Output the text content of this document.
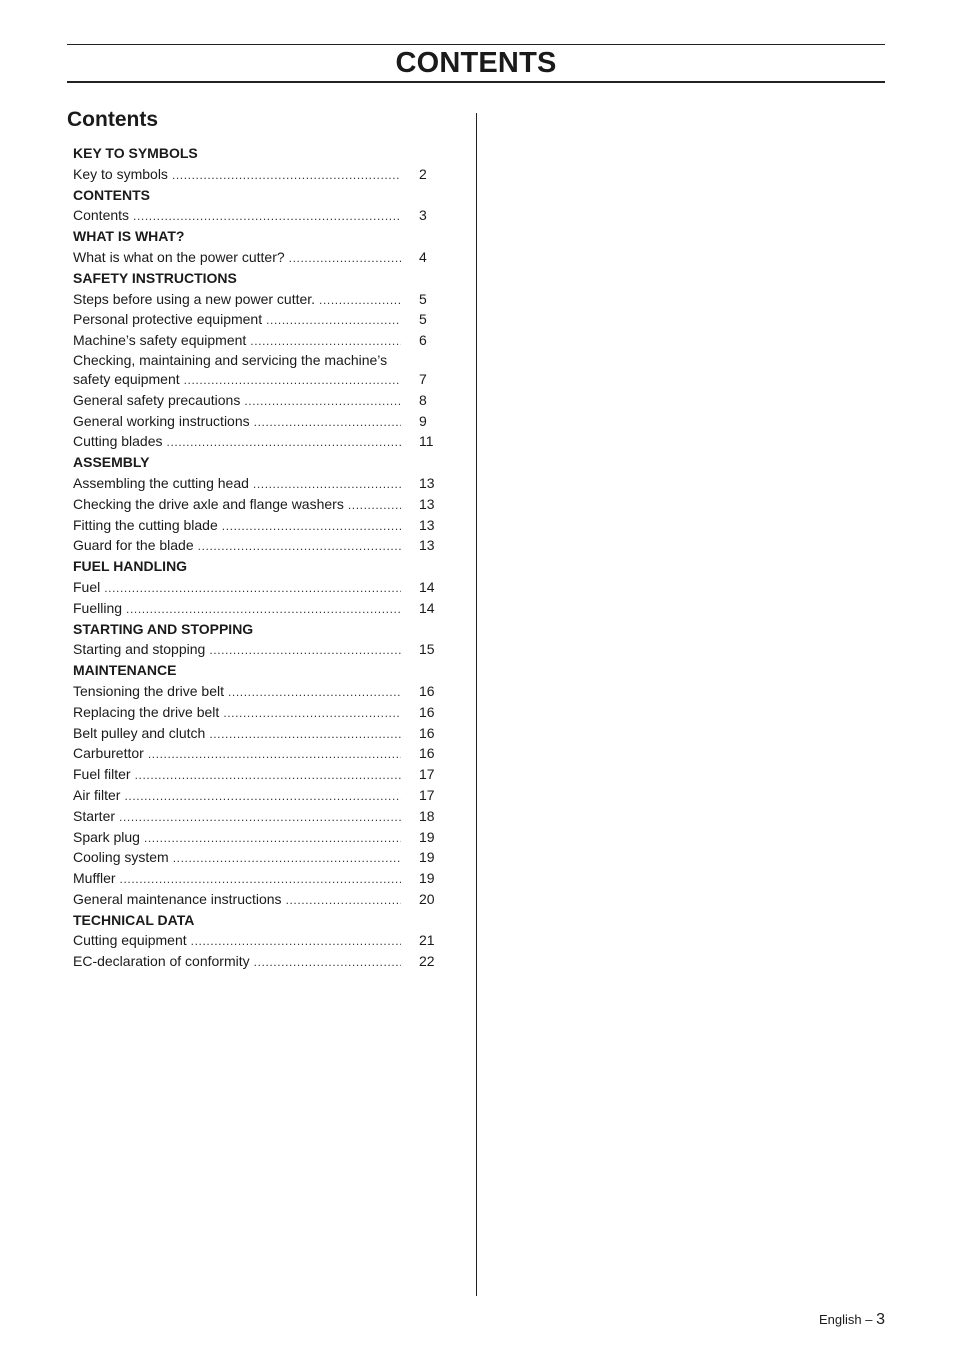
CONTENTS
Contents
KEY TO SYMBOLS
Key to symbols .....	2
CONTENTS
Contents .....	3
WHAT IS WHAT?
What is what on the power cutter? .....	4
SAFETY INSTRUCTIONS
Steps before using a new power cutter. .....	5
Personal protective equipment .....	5
Machine’s safety equipment .....	6
Checking, maintaining and servicing the machine’s
safety equipment .....	7
General safety precautions .....	8
General working instructions .....	9
Cutting blades .....	11
ASSEMBLY
Assembling the cutting head .....	13
Checking the drive axle and flange washers .....	13
Fitting the cutting blade .....	13
Guard for the blade .....	13
FUEL HANDLING
Fuel .....	14
Fuelling .....	14
STARTING AND STOPPING
Starting and stopping .....	15
MAINTENANCE
Tensioning the drive belt .....	16
Replacing the drive belt .....	16
Belt pulley and clutch .....	16
Carburettor .....	16
Fuel filter .....	17
Air filter .....	17
Starter .....	18
Spark plug .....	19
Cooling system .....	19
Muffler .....	19
General maintenance instructions .....	20
TECHNICAL DATA
Cutting equipment .....	21
EC-declaration of conformity .....	22
English – 3
